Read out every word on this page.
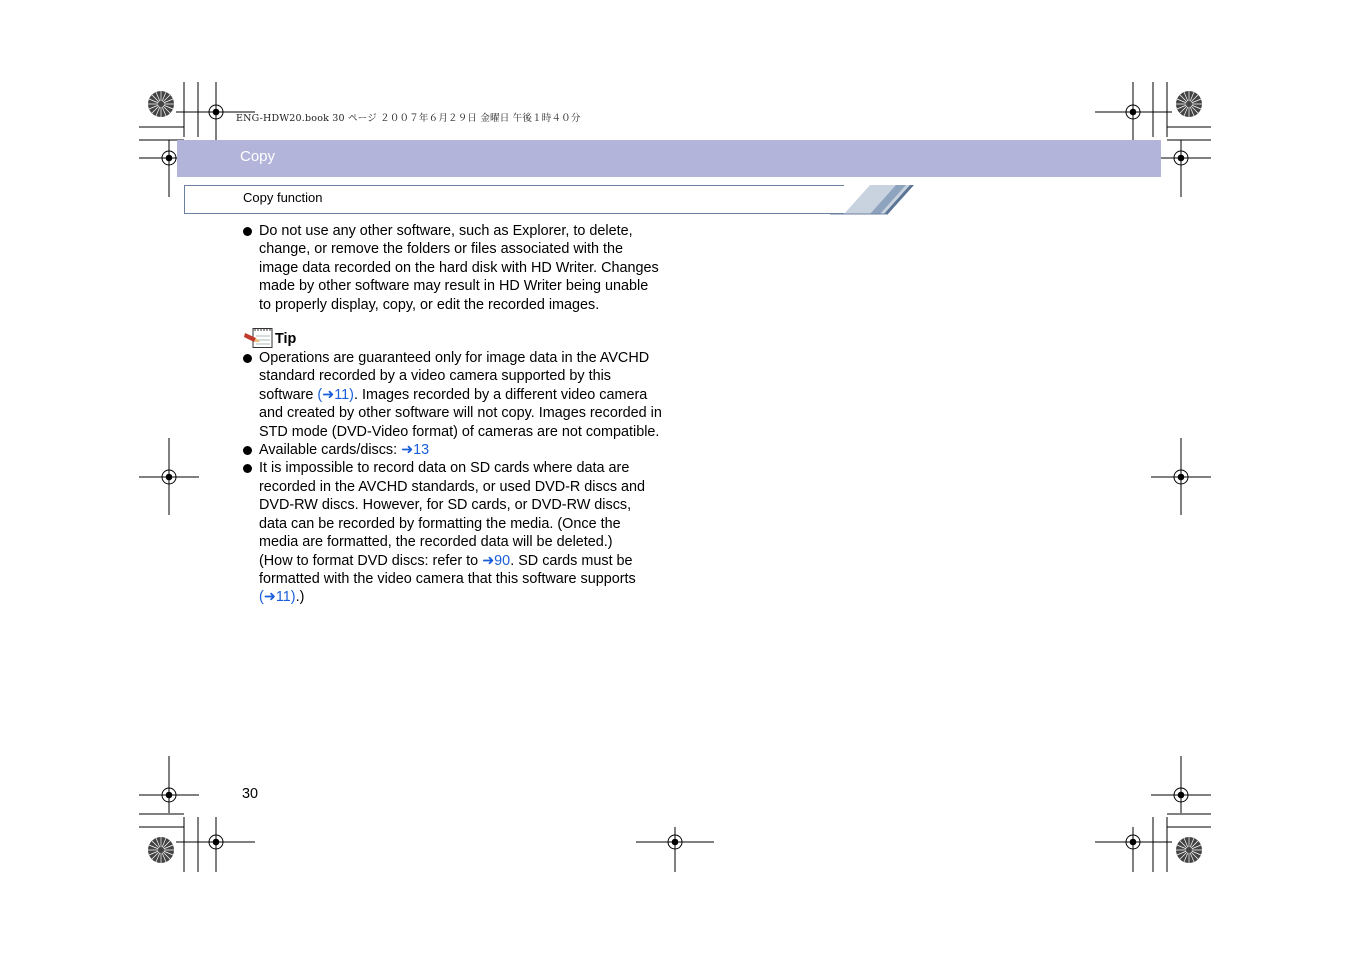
ENG-HDW20.book 30 ページ ２００７年６月２９日 金曜日 午後１時４０分
Copy
Copy function
Do not use any other software, such as Explorer, to delete, change, or remove the folders or files associated with the image data recorded on the hard disk with HD Writer. Changes made by other software may result in HD Writer being unable to properly display, copy, or edit the recorded images.
Tip
Operations are guaranteed only for image data in the AVCHD standard recorded by a video camera supported by this software (➜11). Images recorded by a different video camera and created by other software will not copy. Images recorded in STD mode (DVD-Video format) of cameras are not compatible.
Available cards/discs: ➜13
It is impossible to record data on SD cards where data are recorded in the AVCHD standards, or used DVD-R discs and DVD-RW discs. However, for SD cards, or DVD-RW discs, data can be recorded by formatting the media. (Once the media are formatted, the recorded data will be deleted.)
(How to format DVD discs: refer to ➜90. SD cards must be formatted with the video camera that this software supports (➜11).)
30
